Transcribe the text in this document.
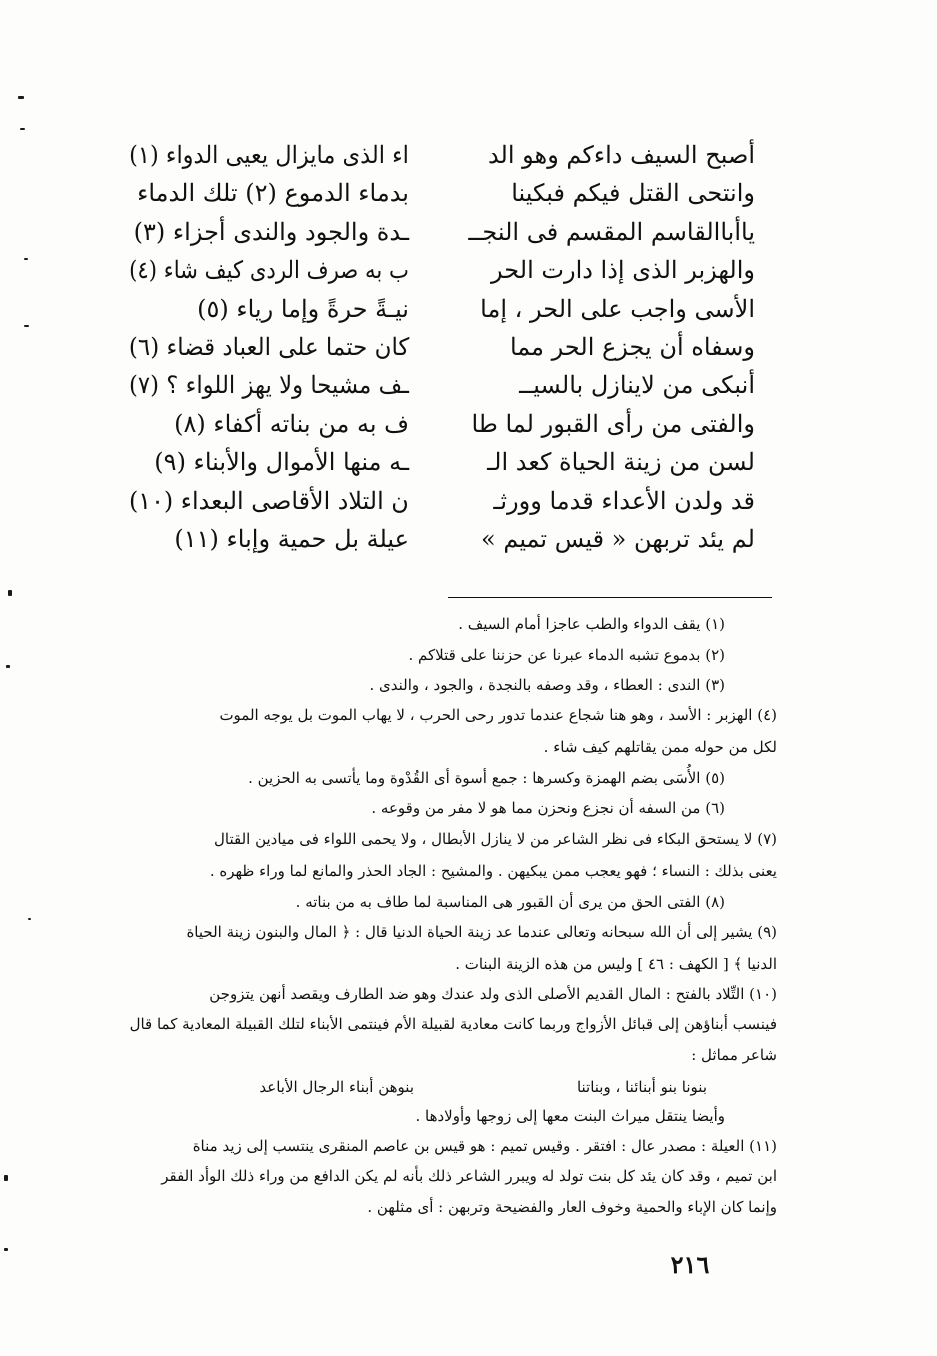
أصبح السيف داءكم وهو الد
وانتحى القتل فيكم فبكينا
ياأباالقاسم المقسم فى النجــ
والهزبر الذى إذا دارت الحر
الأسى واجب على الحر ، إما
وسفاه أن يجزع الحر مما
أنبكى من لاينازل بالسيــ
والفتى من رأى القبور لما طا
لسن من زينة الحياة كعد الـ
قد ولدن الأعداء قدما وورثـ
لم يئد تربهن « قيس تميم »
اء الذى مايزال يعيى الدواء (١)
بدماء الدموع (٢) تلك الدماء
ـدة والجود والندى أجزاء (٣)
ب به صرف الردى كيف شاء (٤)
نيـةً حرةً وإما رياء (٥)
كان حتما على العباد قضاء (٦)
ـف مشيحا ولا يهز اللواء ؟ (٧)
ف به من بناته أكفاء (٨)
ـه منها الأموال والأبناء (٩)
ن التلاد الأقاصى البعداء (١٠)
عيلة بل حمية وإباء (١١)
(١) يقف الدواء والطب عاجزا أمام السيف .
(٢) بدموع تشبه الدماء عبرنا عن حزننا على قتلاكم .
(٣) الندى : العطاء ، وقد وصفه بالنجدة ، والجود ، والندى .
(٤) الهزبر : الأسد ، وهو هنا شجاع عندما تدور رحى الحرب ، لا يهاب الموت بل يوجه الموت
لكل من حوله ممن يقاتلهم كيف شاء .
(٥) الأُسَى بضم الهمزة وكسرها : جمع أسوة أى القُدْوة وما يأتسى به الحزين .
(٦) من السفه أن نجزع ونحزن مما هو لا مفر من وقوعه .
(٧) لا يستحق البكاء فى نظر الشاعر من لا ينازل الأبطال ، ولا يحمى اللواء فى ميادين القتال
يعنى بذلك : النساء ؛ فهو يعجب ممن يبكيهن . والمشيح : الجاد الحذر والمانع لما وراء ظهره .
(٨) الفتى الحق من يرى أن القبور هى المناسبة لما طاف به من بناته .
(٩) يشير إلى أن الله سبحانه وتعالى عندما عد زينة الحياة الدنيا قال : ﴿ المال والبنون زينة الحياة
الدنيا ﴾ [ الكهف : ٤٦ ] وليس من هذه الزينة البنات .
(١٠) التِّلاد بالفتح : المال القديم الأصلى الذى ولد عندك وهو ضد الطارف ويقصد أنهن يتزوجن
فينسب أبناؤهن إلى قبائل الأزواج وربما كانت معادية لقبيلة الأم فينتمى الأبناء لتلك القبيلة المعادية كما قال
شاعر مماثل :
وأيضا ينتقل ميراث البنت معها إلى زوجها وأولادها .
(١١) العيلة : مصدر عال : افتقر . وقيس تميم : هو قيس بن عاصم المنقرى ينتسب إلى زيد مناة
ابن تميم ، وقد كان يئد كل بنت تولد له ويبرر الشاعر ذلك بأنه لم يكن الدافع من وراء ذلك الوأد الفقر
وإنما كان الإباء والحمية وخوف العار والفضيحة وتربهن : أى مثلهن .
بنونا بنو أبنائنا ، وبناتنا
بنوهن أبناء الرجال الأباعد
٢١٦
